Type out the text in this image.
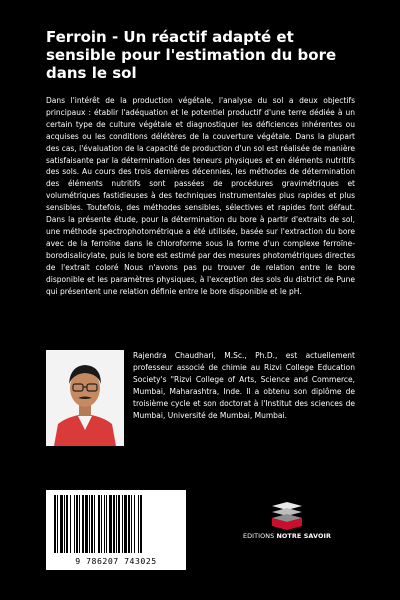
Ferroin - Un réactif adapté et sensible pour l'estimation du bore dans le sol

Dans l'intérêt de la production végétale, l'analyse du sol a deux objectifs principaux : établir l'adéquation et le potentiel productif d'une terre dédiée à un certain type de culture végétale et diagnostiquer les déficiences inhérentes ou acquises ou les conditions délétères de la couverture végétale. Dans la plupart des cas, l'évaluation de la capacité de production d'un sol est réalisée de manière satisfaisante par la détermination des teneurs physiques et en éléments nutritifs des sols. Au cours des trois dernières décennies, les méthodes de détermination des éléments nutritifs sont passées de procédures gravimétriques et volumétriques fastidieuses à des techniques instrumentales plus rapides et plus sensibles. Toutefois, des méthodes sensibles, sélectives et rapides font défaut. Dans la présente étude, pour la détermination du bore à partir d'extraits de sol, une méthode spectrophotométrique a été utilisée, basée sur l'extraction du bore avec de la ferroïne dans le chloroforme sous la forme d'un complexe ferroïne-borodisalicylate, puis le bore est estimé par des mesures photométriques directes de l'extrait coloré Nous n'avons pas pu trouver de relation entre le bore disponible et les paramètres physiques, à l'exception des sols du district de Pune qui présentent une relation définie entre le bore disponible et le pH.

Rajendra Chaudhari, M.Sc., Ph.D., est actuellement professeur associé de chimie au Rizvi College Education Society's "Rizvi College of Arts, Science and Commerce, Mumbai, Maharashtra, Inde. Il a obtenu son diplôme de troisième cycle et son doctorat à l'Institut des sciences de Mumbai, Université de Mumbai, Mumbai.

9 786207 743025
EDITIONS NOTRE SAVOIR
